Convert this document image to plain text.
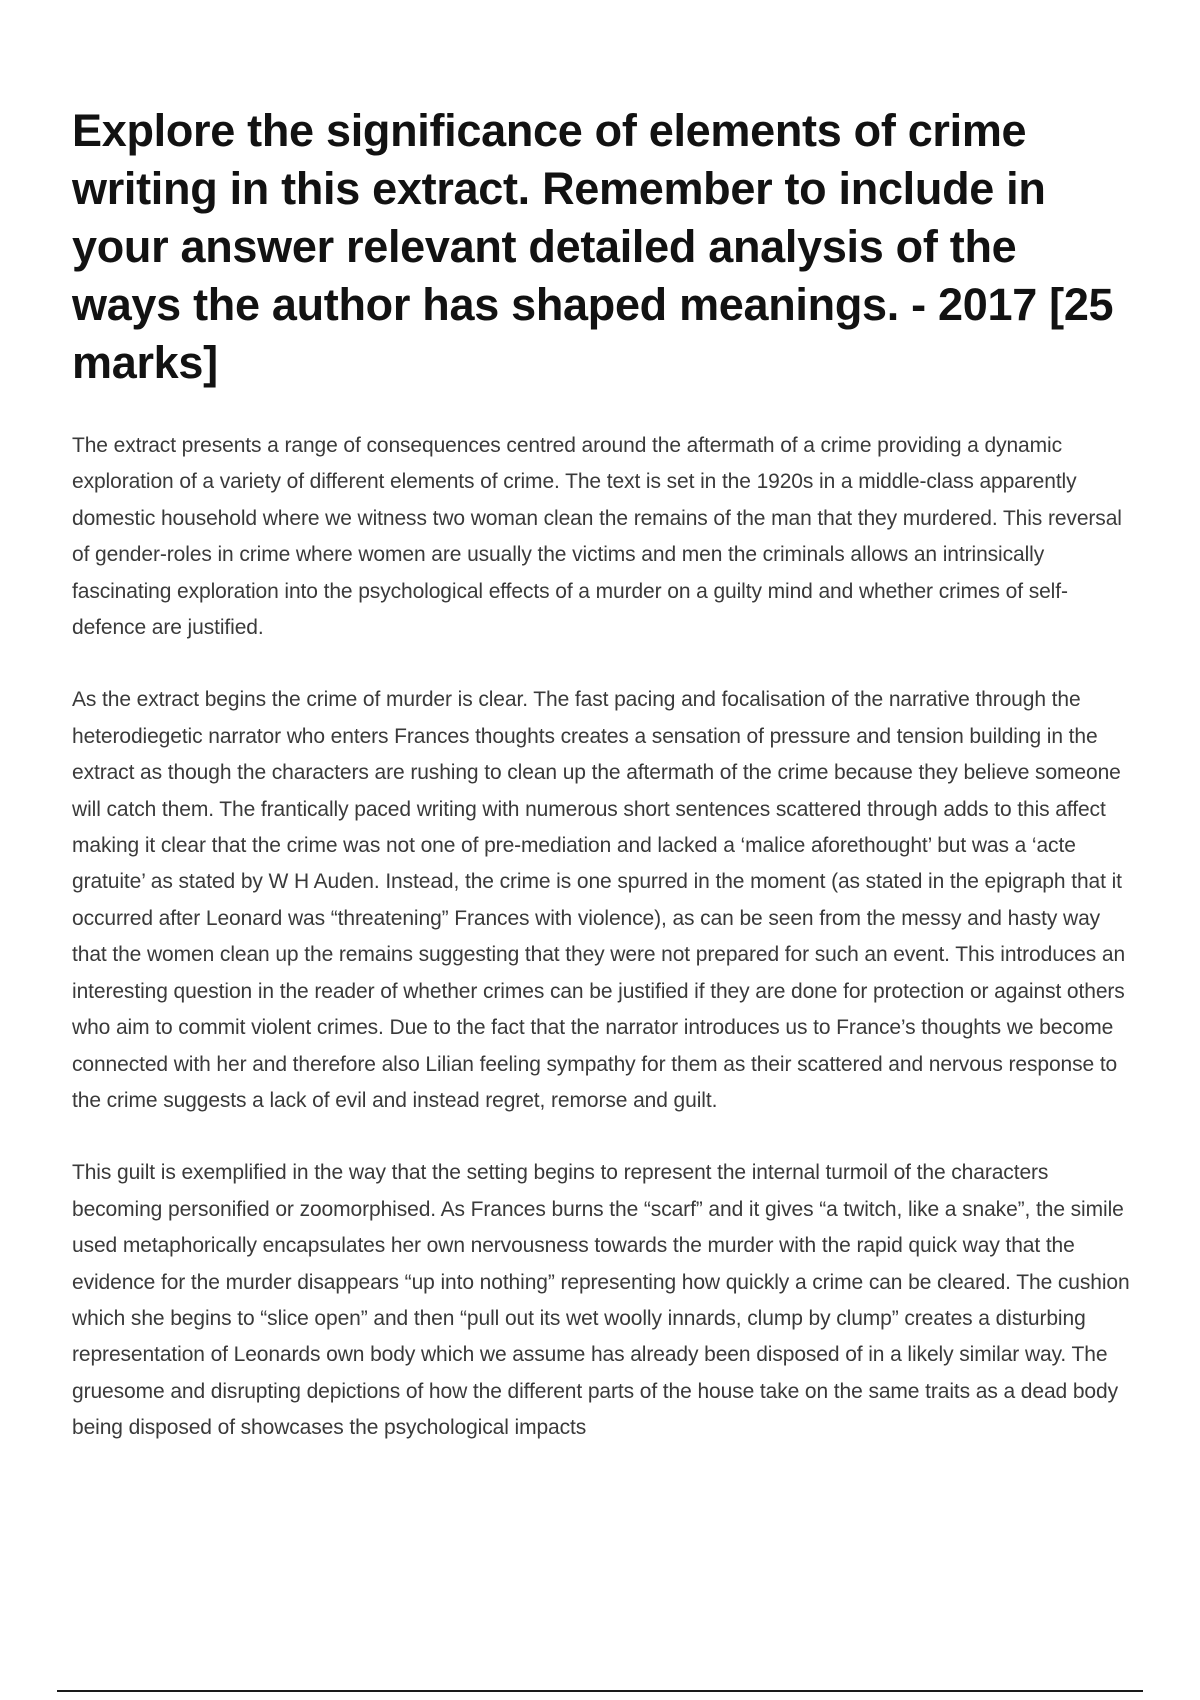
Explore the significance of elements of crime writing in this extract. Remember to include in your answer relevant detailed analysis of the ways the author has shaped meanings. - 2017 [25 marks]

The extract presents a range of consequences centred around the aftermath of a crime providing a dynamic exploration of a variety of different elements of crime. The text is set in the 1920s in a middle-class apparently domestic household where we witness two woman clean the remains of the man that they murdered. This reversal of gender-roles in crime where women are usually the victims and men the criminals allows an intrinsically fascinating exploration into the psychological effects of a murder on a guilty mind and whether crimes of self-defence are justified.

As the extract begins the crime of murder is clear. The fast pacing and focalisation of the narrative through the heterodiegetic narrator who enters Frances thoughts creates a sensation of pressure and tension building in the extract as though the characters are rushing to clean up the aftermath of the crime because they believe someone will catch them. The frantically paced writing with numerous short sentences scattered through adds to this affect making it clear that the crime was not one of pre-mediation and lacked a ‘malice aforethought’ but was a ‘acte gratuite’ as stated by W H Auden. Instead, the crime is one spurred in the moment (as stated in the epigraph that it occurred after Leonard was “threatening” Frances with violence), as can be seen from the messy and hasty way that the women clean up the remains suggesting that they were not prepared for such an event. This introduces an interesting question in the reader of whether crimes can be justified if they are done for protection or against others who aim to commit violent crimes. Due to the fact that the narrator introduces us to France’s thoughts we become connected with her and therefore also Lilian feeling sympathy for them as their scattered and nervous response to the crime suggests a lack of evil and instead regret, remorse and guilt.

This guilt is exemplified in the way that the setting begins to represent the internal turmoil of the characters becoming personified or zoomorphised. As Frances burns the “scarf” and it gives “a twitch, like a snake”, the simile used metaphorically encapsulates her own nervousness towards the murder with the rapid quick way that the evidence for the murder disappears “up into nothing” representing how quickly a crime can be cleared. The cushion which she begins to “slice open” and then “pull out its wet woolly innards, clump by clump” creates a disturbing representation of Leonards own body which we assume has already been disposed of in a likely similar way. The gruesome and disrupting depictions of how the different parts of the house take on the same traits as a dead body being disposed of showcases the psychological impacts
